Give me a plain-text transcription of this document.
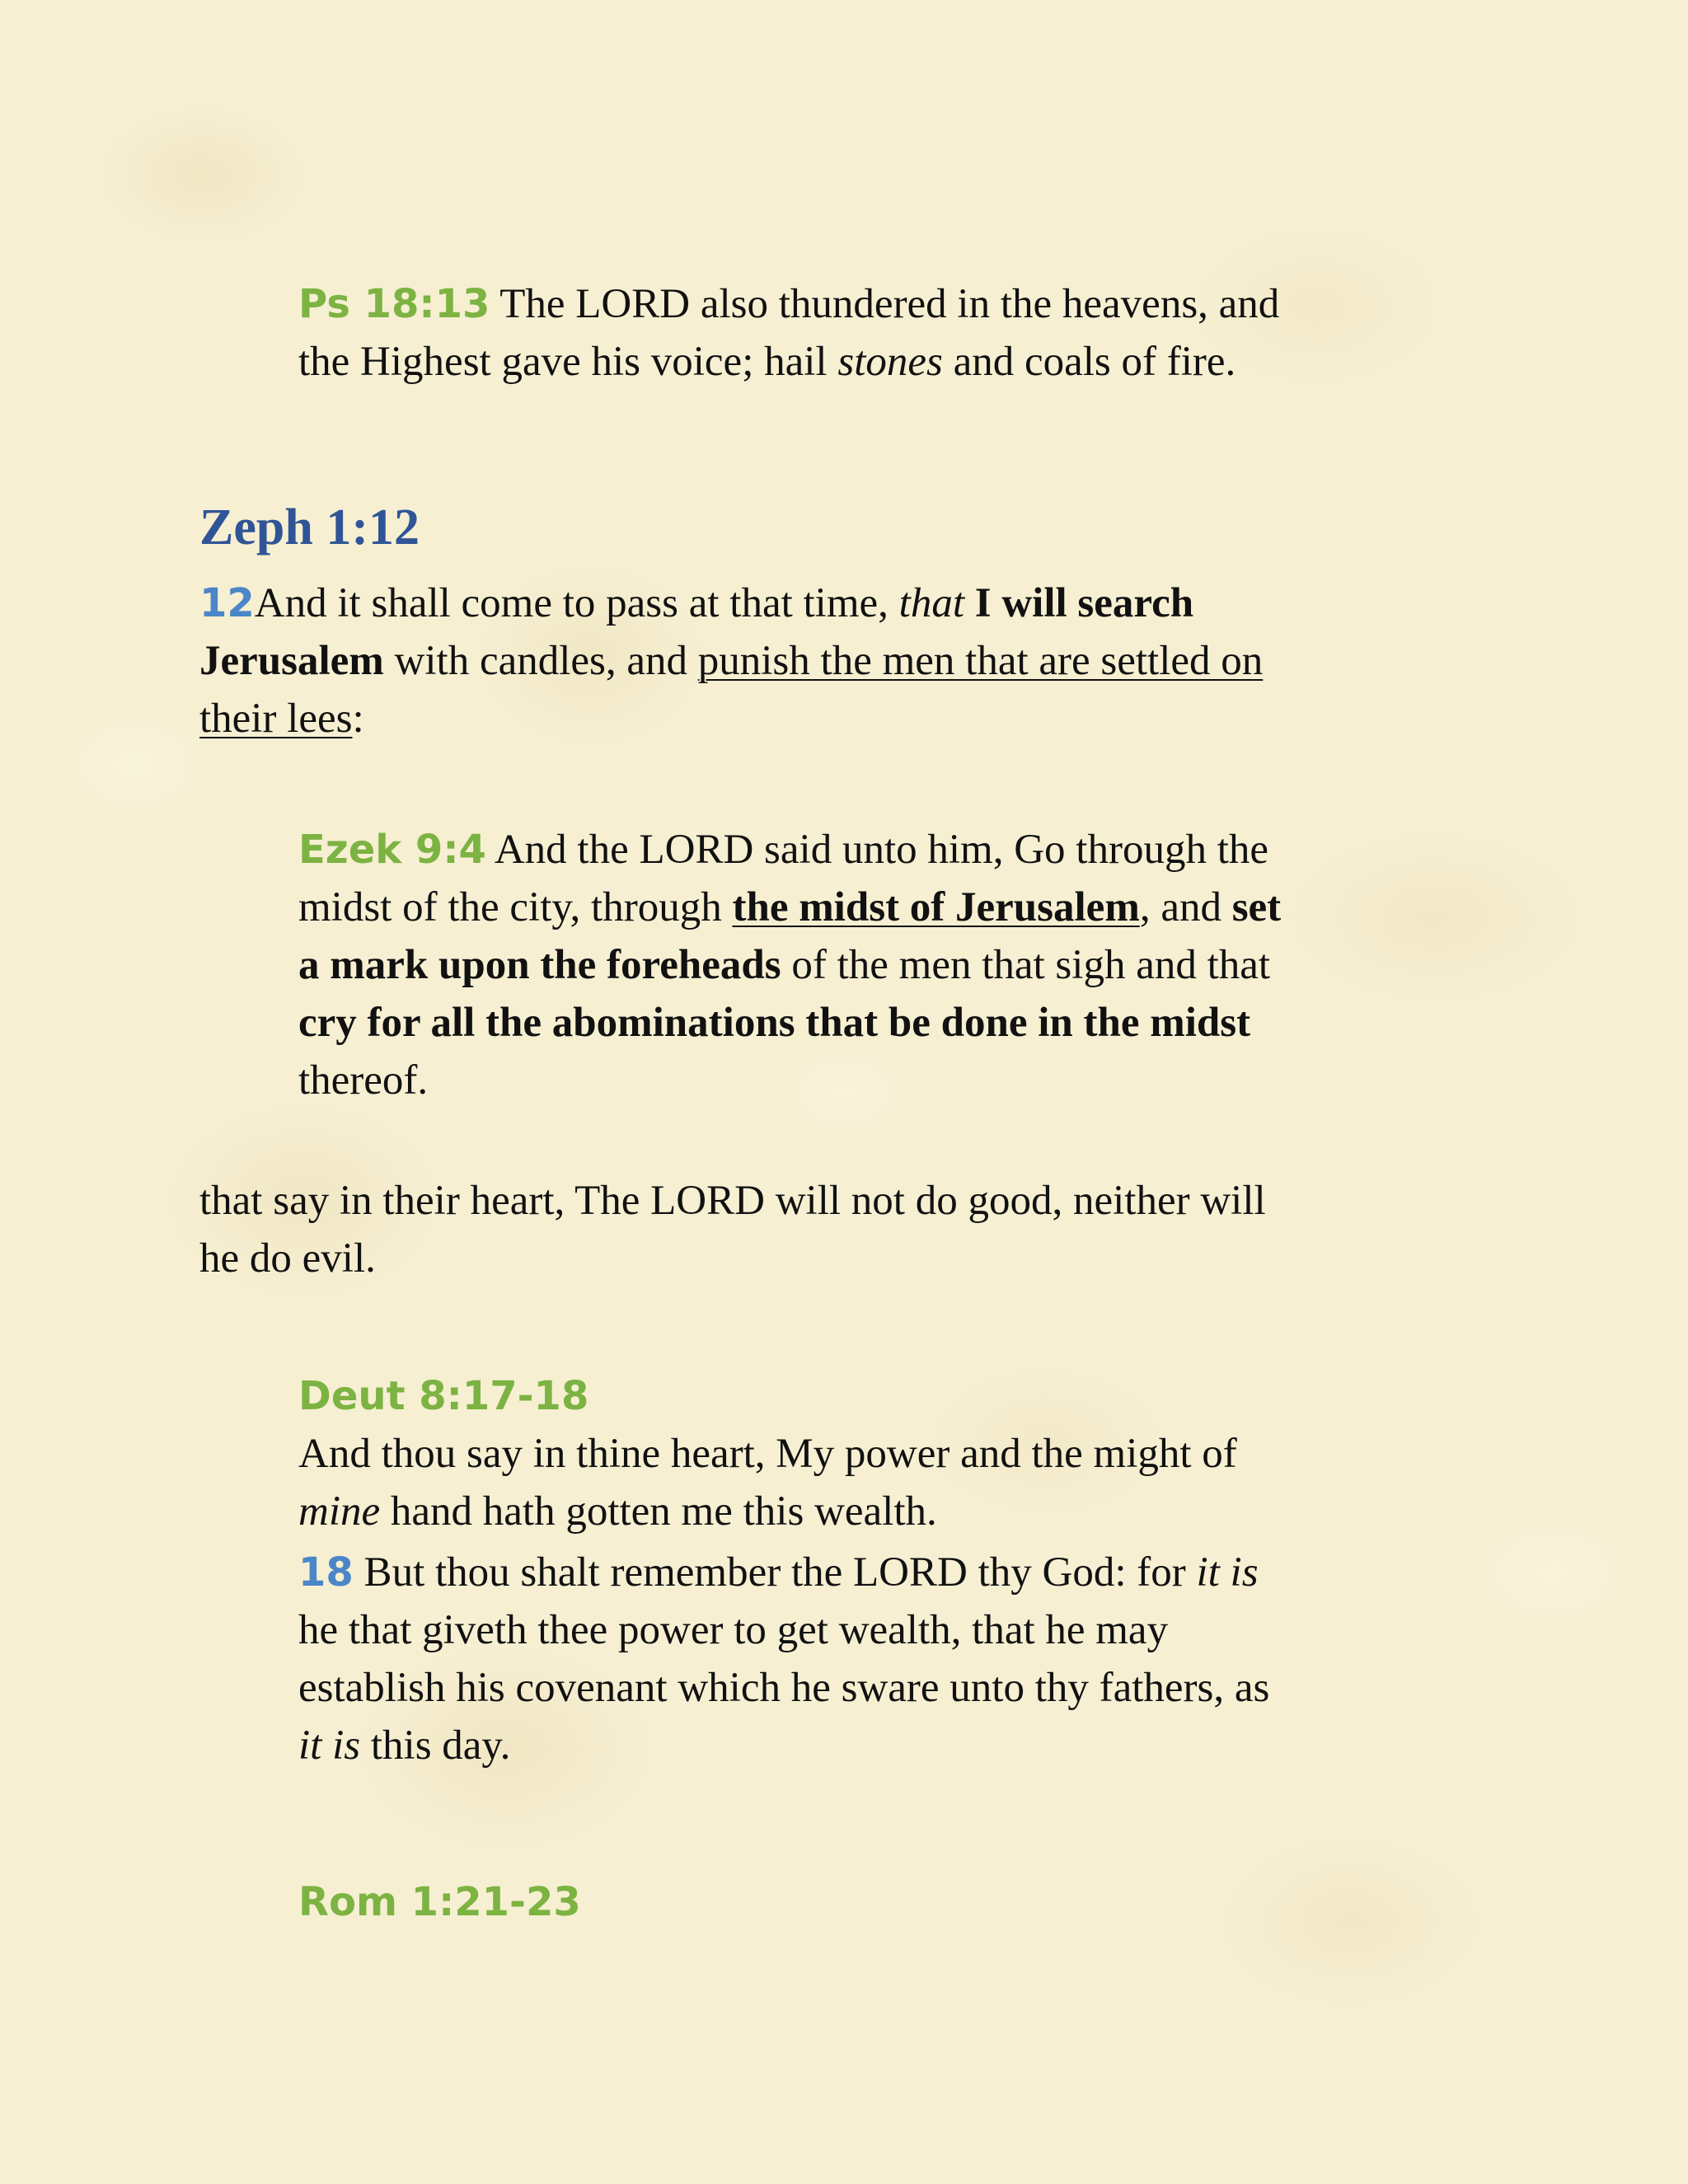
Ps 18:13 The LORD also thundered in the heavens, and
the Highest gave his voice; hail stones and coals of fire.
Zeph 1:12
12And it shall come to pass at that time, that I will search
Jerusalem with candles, and punish the men that are settled on
their lees:
Ezek 9:4 And the LORD said unto him, Go through the
midst of the city, through the midst of Jerusalem, and set
a mark upon the foreheads of the men that sigh and that
cry for all the abominations that be done in the midst
thereof.
that say in their heart, The LORD will not do good, neither will
he do evil.
Deut 8:17-18
And thou say in thine heart, My power and the might of
mine hand hath gotten me this wealth.
18 But thou shalt remember the LORD thy God: for it is
he that giveth thee power to get wealth, that he may
establish his covenant which he sware unto thy fathers, as
it is this day.
Rom 1:21-23
